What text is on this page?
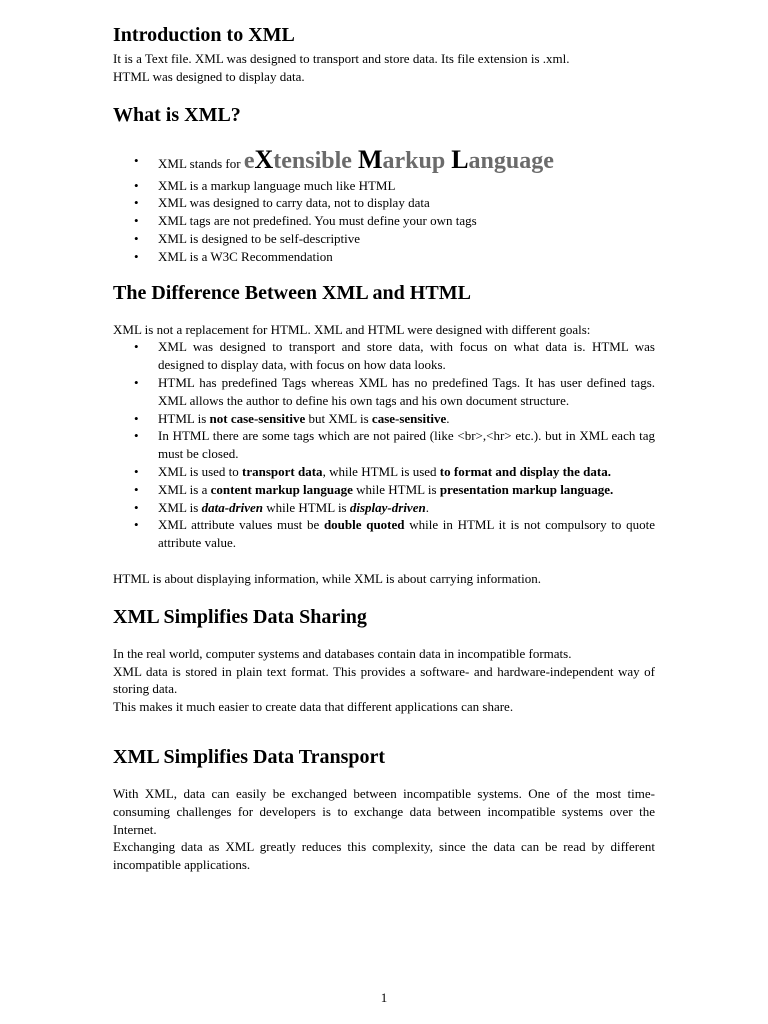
Introduction to XML

It is a Text file. XML was designed to transport and store data. Its file extension is .xml.

HTML was designed to display data.

What is XML?
• XML stands for eXtensible Markup Language
• XML is a markup language much like HTML
• XML was designed to carry data, not to display data
• XML tags are not predefined. You must define your own tags
• XML is designed to be self-descriptive
• XML is a W3C Recommendation
The Difference Between XML and HTML

XML is not a replacement for HTML. XML and HTML were designed with different goals:

• XML was designed to transport and store data, with focus on what data is. HTML was designed to display data, with focus on how data looks.
• HTML has predefined Tags whereas XML has no predefined Tags. It has user defined tags. XML allows the author to define his own tags and his own document structure.
• HTML is not case-sensitive but XML is case-sensitive.
• In HTML there are some tags which are not paired (like <br>,<hr> etc.). but in XML each tag must be closed.
• XML is used to transport data, while HTML is used to format and display the data.
• XML is a content markup language while HTML is presentation markup language.
• XML is data-driven while HTML is display-driven.
• XML attribute values must be double quoted while in HTML it is not compulsory to quote attribute value.

HTML is about displaying information, while XML is about carrying information.

XML Simplifies Data Sharing

In the real world, computer systems and databases contain data in incompatible formats.

XML data is stored in plain text format. This provides a software- and hardware-independent way of storing data.

This makes it much easier to create data that different applications can share.

XML Simplifies Data Transport

With XML, data can easily be exchanged between incompatible systems. One of the most time-consuming challenges for developers is to exchange data between incompatible systems over the Internet.

Exchanging data as XML greatly reduces this complexity, since the data can be read by different incompatible applications.

1
